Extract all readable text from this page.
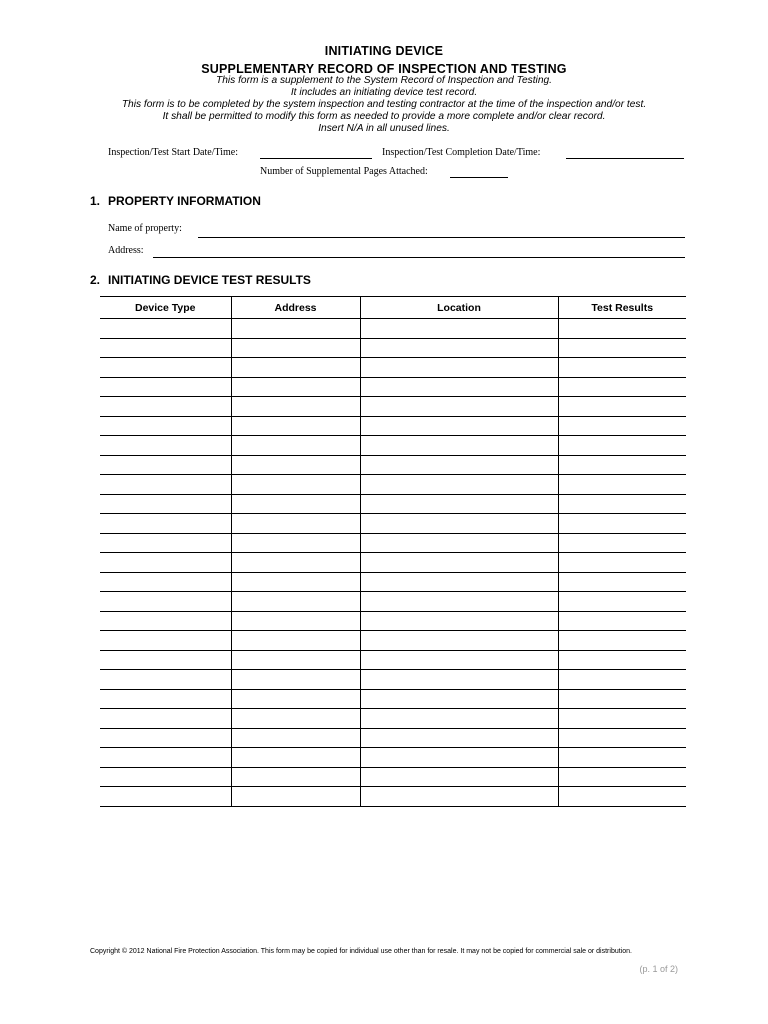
INITIATING DEVICE
SUPPLEMENTARY RECORD OF INSPECTION AND TESTING
This form is a supplement to the System Record of Inspection and Testing.
It includes an initiating device test record.
This form is to be completed by the system inspection and testing contractor at the time of the inspection and/or test.
It shall be permitted to modify this form as needed to provide a more complete and/or clear record.
Insert N/A in all unused lines.
Inspection/Test Start Date/Time:	Inspection/Test Completion Date/Time:
Number of Supplemental Pages Attached:
1. PROPERTY INFORMATION
Name of property:
Address:
2. INITIATING DEVICE TEST RESULTS
Device Type	Address	Location	Test Results

Copyright © 2012 National Fire Protection Association. This form may be copied for individual use other than for resale. It may not be copied for commercial sale or distribution.
(p. 1 of 2)
